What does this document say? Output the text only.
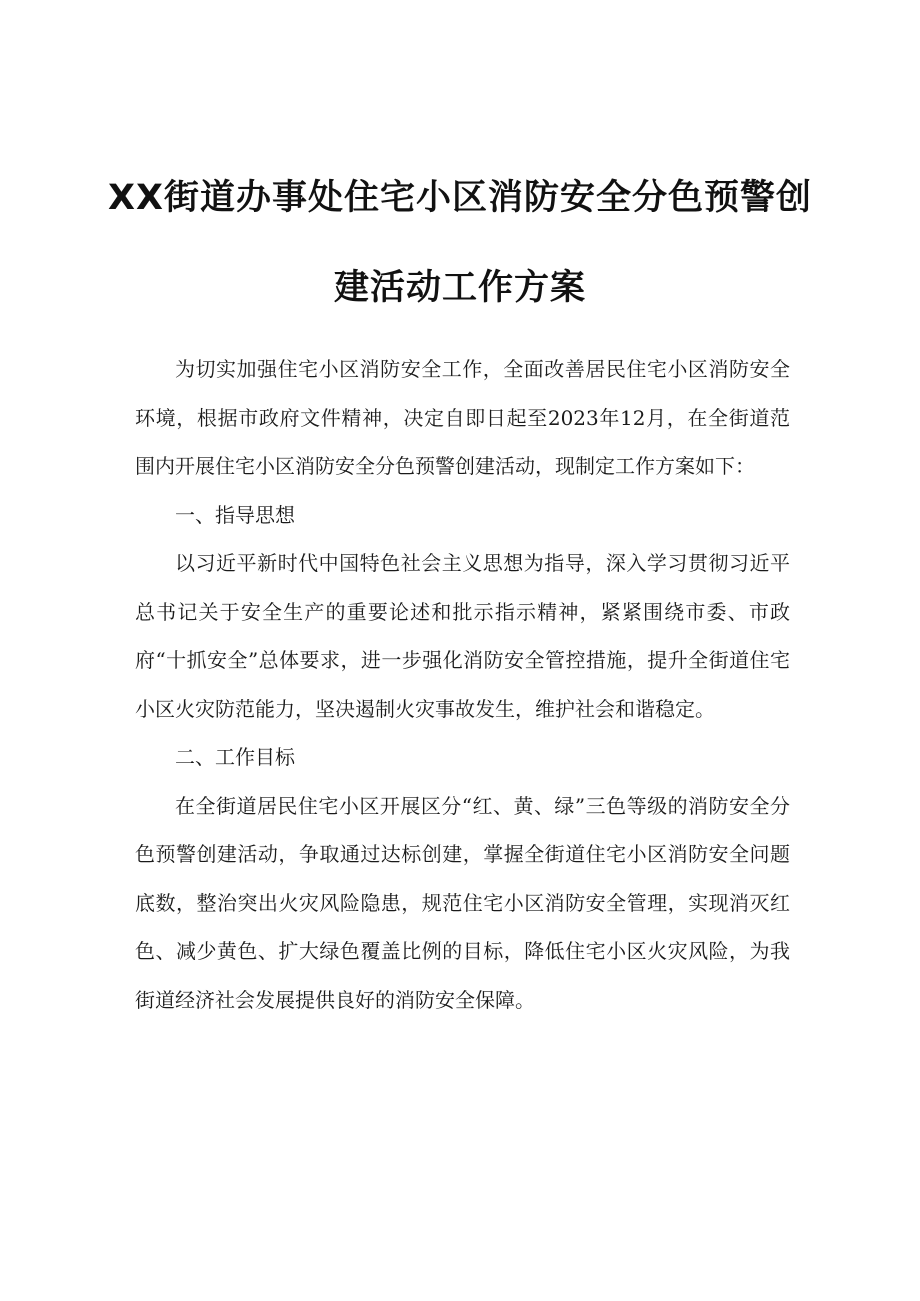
XX街道办事处住宅小区消防安全分色预警创
建活动工作方案

为切实加强住宅小区消防安全工作，全面改善居民住宅小区消防安全环境，根据市政府文件精神，决定自即日起至2023年12月，在全街道范围内开展住宅小区消防安全分色预警创建活动，现制定工作方案如下：

一、指导思想

以习近平新时代中国特色社会主义思想为指导，深入学习贯彻习近平总书记关于安全生产的重要论述和批示指示精神，紧紧围绕市委、市政府“十抓安全”总体要求，进一步强化消防安全管控措施，提升全街道住宅小区火灾防范能力，坚决遏制火灾事故发生，维护社会和谐稳定。

二、工作目标

在全街道居民住宅小区开展区分“红、黄、绿”三色等级的消防安全分色预警创建活动，争取通过达标创建，掌握全街道住宅小区消防安全问题底数，整治突出火灾风险隐患，规范住宅小区消防安全管理，实现消灭红色、减少黄色、扩大绿色覆盖比例的目标，降低住宅小区火灾风险，为我街道经济社会发展提供良好的消防安全保障。
